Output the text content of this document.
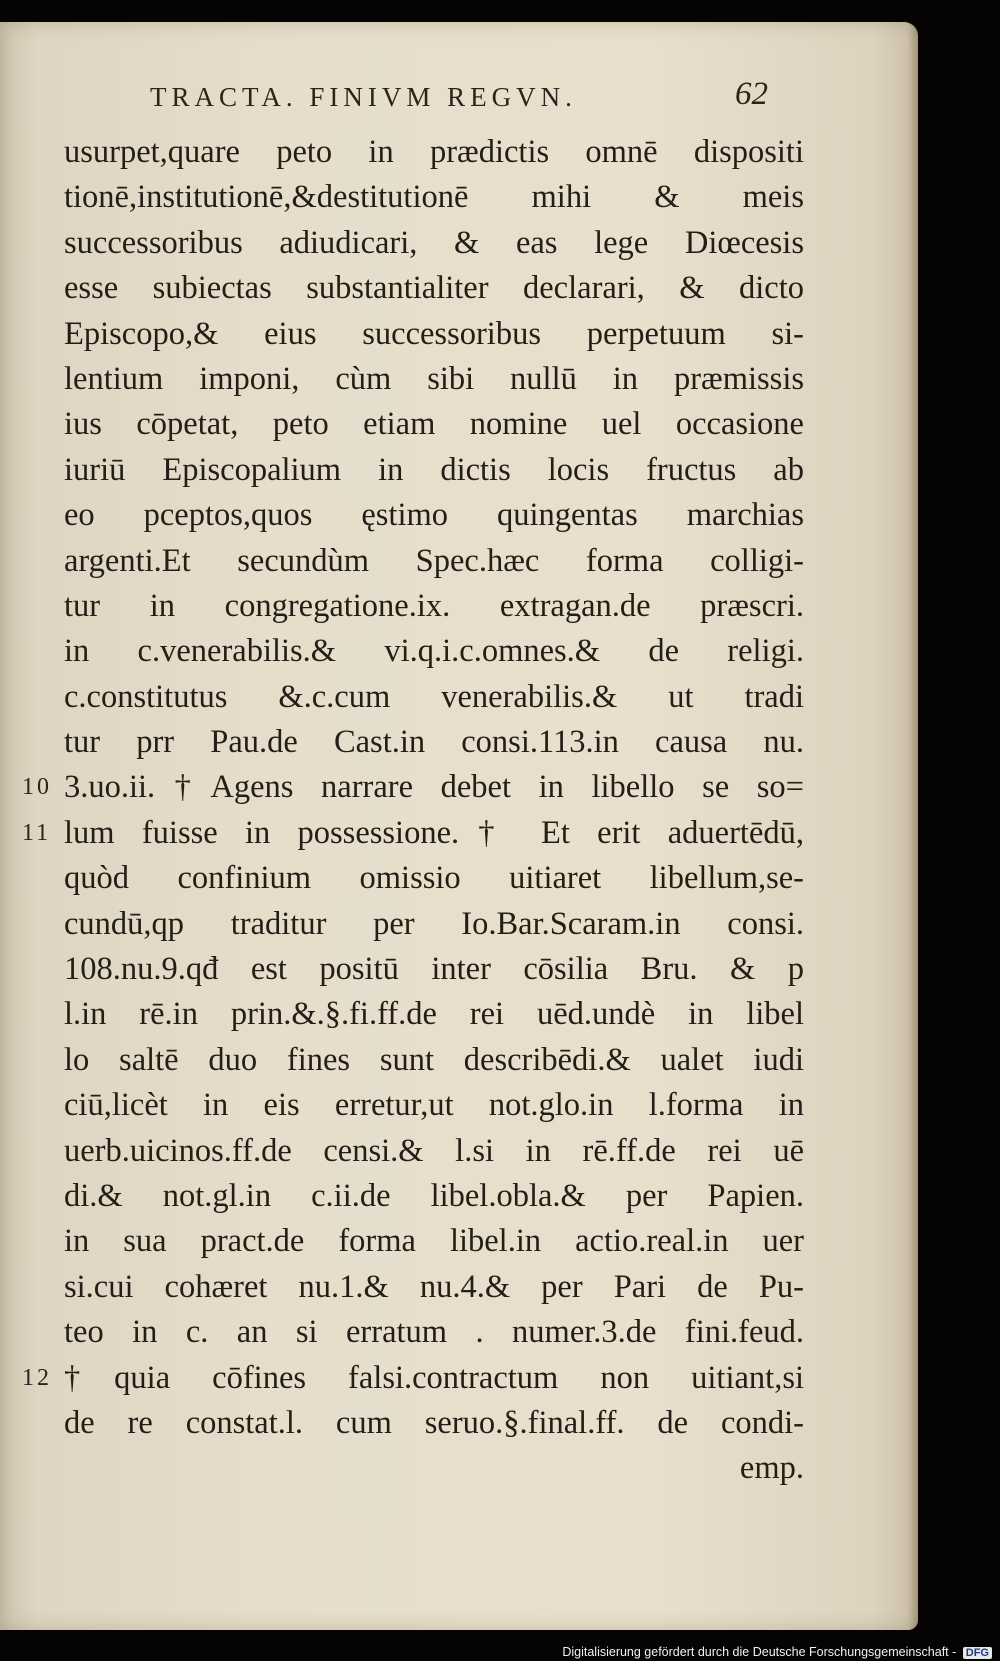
TRACTA. FINIVM REGVN.	62
usurpet,quare peto in prædictis omnē dispositi
tionē,institutionē,&destitutionē mihi & meis
successoribus adiudicari, & eas lege Diœcesis
esse subiectas substantialiter declarari, & dicto
Episcopo,& eius successoribus perpetuum si-
lentium imponi, cùm sibi nullū in præmissis
ius cōpetat, peto etiam nomine uel occasione
iuriū Episcopalium in dictis locis fructus ab
eo pceptos,quos ęstimo quingentas marchias
argenti.Et secundùm Spec.hæc forma colligi-
tur in congregatione.ix. extragan.de præscri.
in c.venerabilis.& vi.q.i.c.omnes.& de religi.
c.constitutus &.c.cum venerabilis.& ut tradi
tur prr Pau.de Cast.in consi.113.in causa nu.
10 3.uo.ii.†Agens narrare debet in libello se so=
11 lum fuisse in possessione.† Et erit aduertēdū,
quòd confinium omissio uitiaret libellum,se-
cundū,qp traditur per Io.Bar.Scaram.in consi.
108.nu.9.qđ est positū inter cōsilia Bru. & p
l.in rē.in prin.&.§.fi.ff.de rei uēd.undè in libel
lo saltē duo fines sunt describēdi.& ualet iudi
ciū,licèt in eis erretur,ut not.glo.in l.forma in
uerb.uicinos.ff.de censi.& l.si in rē.ff.de rei uē
di.& not.gl.in c.ii.de libel.obla.& per Papien.
in sua pract.de forma libel.in actio.real.in uer
si.cui cohæret nu.1.& nu.4.& per Pari de Pu-
teo in c. an si erratum . numer.3.de fini.feud.
12 †quia cōfines falsi.contractum non uitiant,si
de re constat.l. cum seruo.§.final.ff. de condi-
emp.
Digitalisierung gefördert durch die Deutsche Forschungsgemeinschaft - DFG
